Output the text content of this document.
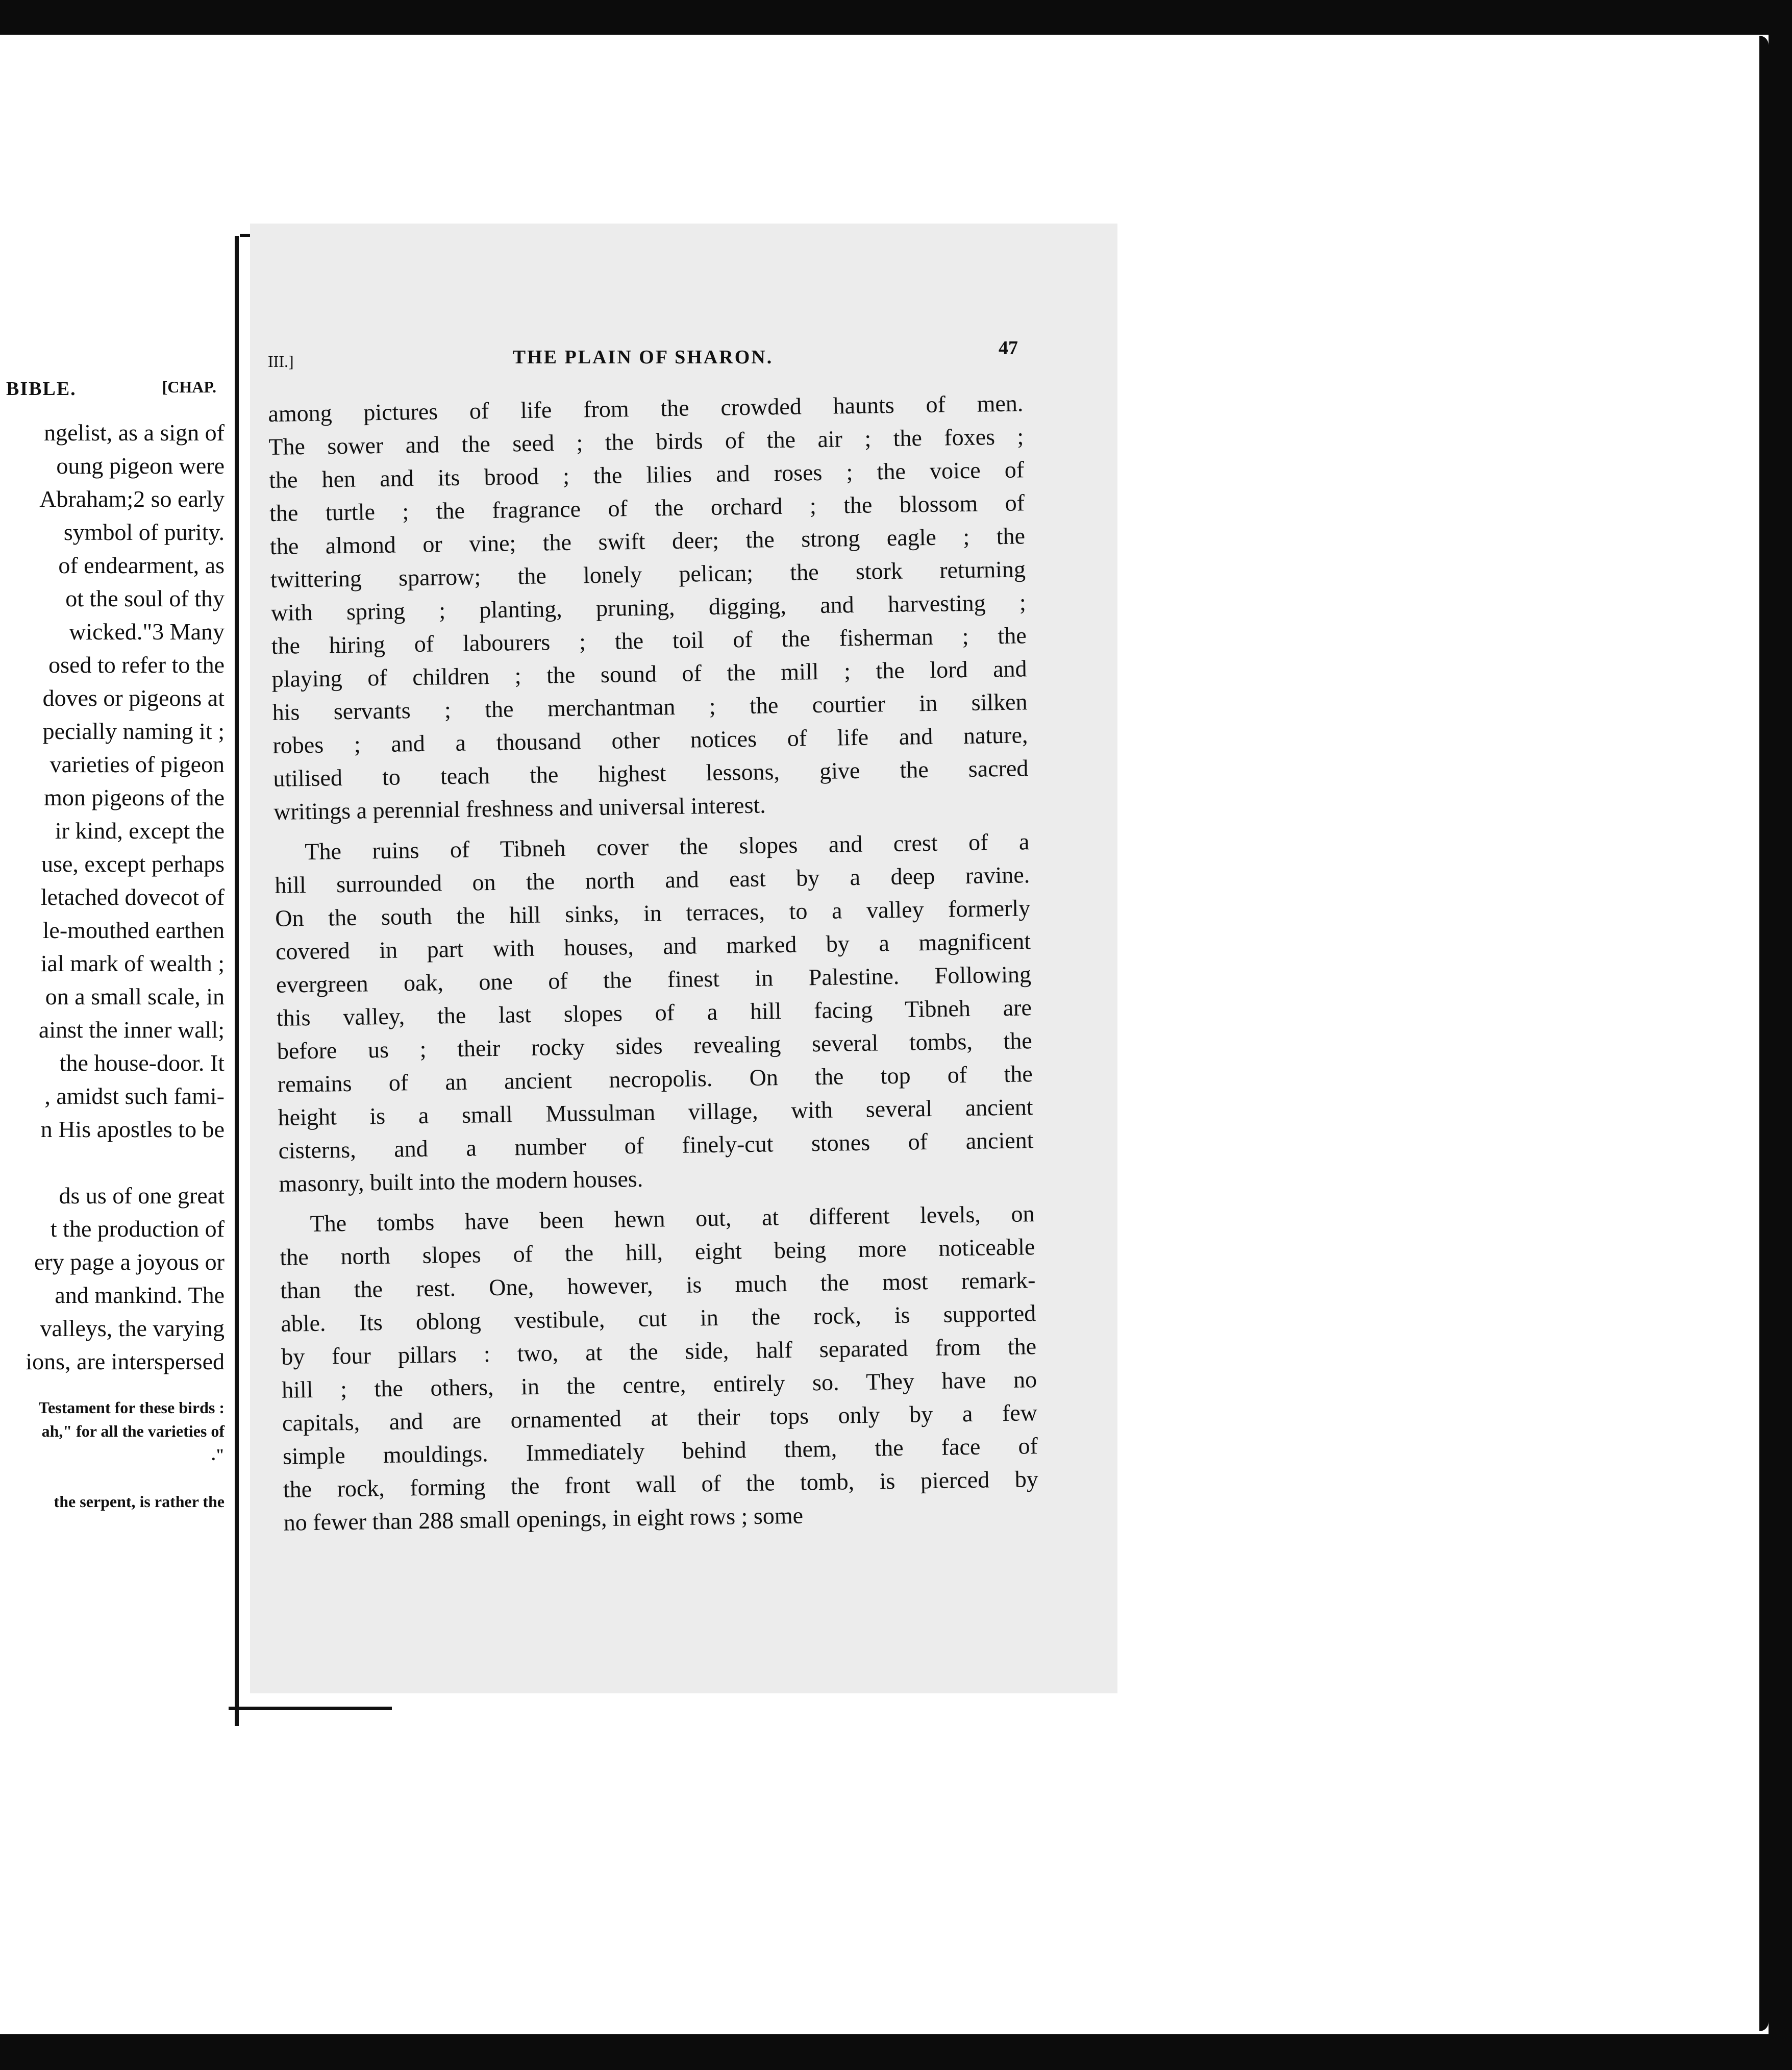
BIBLE.	[CHAP.
ngelist, as a sign of
oung pigeon were
Abraham;2 so early
symbol of purity.
of endearment, as
ot the soul of thy
wicked."3 Many
osed to refer to the
doves or pigeons at
pecially naming it ;
varieties of pigeon
mon pigeons of the
ir kind, except the
use, except perhaps
letached dovecot of
le-mouthed earthen
ial mark of wealth ;
on a small scale, in
ainst the inner wall;
the house-door. It
, amidst such fami-
n His apostles to be

ds us of one great
t the production of
ery page a joyous or
and mankind. The
valleys, the varying
ions, are interspersed
Testament for these birds :
ah," for all the varieties of
."

the serpent, is rather the
III.]	THE PLAIN OF SHARON.	47
among pictures of life from the crowded haunts of men.
The sower and the seed ; the birds of the air ; the foxes ;
the hen and its brood ; the lilies and roses ; the voice of
the turtle ; the fragrance of the orchard ; the blossom of
the almond or vine; the swift deer; the strong eagle ; the
twittering sparrow; the lonely pelican; the stork returning
with spring ; planting, pruning, digging, and harvesting ;
the hiring of labourers ; the toil of the fisherman ; the
playing of children ; the sound of the mill ; the lord and
his servants ; the merchantman ; the courtier in silken
robes ; and a thousand other notices of life and nature,
utilised to teach the highest lessons, give the sacred
writings a perennial freshness and universal interest.
The ruins of Tibneh cover the slopes and crest of a
hill surrounded on the north and east by a deep ravine.
On the south the hill sinks, in terraces, to a valley formerly
covered in part with houses, and marked by a magnificent
evergreen oak, one of the finest in Palestine. Following
this valley, the last slopes of a hill facing Tibneh are
before us ; their rocky sides revealing several tombs, the
remains of an ancient necropolis. On the top of the
height is a small Mussulman village, with several ancient
cisterns, and a number of finely-cut stones of ancient
masonry, built into the modern houses.
The tombs have been hewn out, at different levels, on
the north slopes of the hill, eight being more noticeable
than the rest. One, however, is much the most remark-
able. Its oblong vestibule, cut in the rock, is supported
by four pillars : two, at the side, half separated from the
hill ; the others, in the centre, entirely so. They have no
capitals, and are ornamented at their tops only by a few
simple mouldings. Immediately behind them, the face of
the rock, forming the front wall of the tomb, is pierced by
no fewer than 288 small openings, in eight rows ; some
